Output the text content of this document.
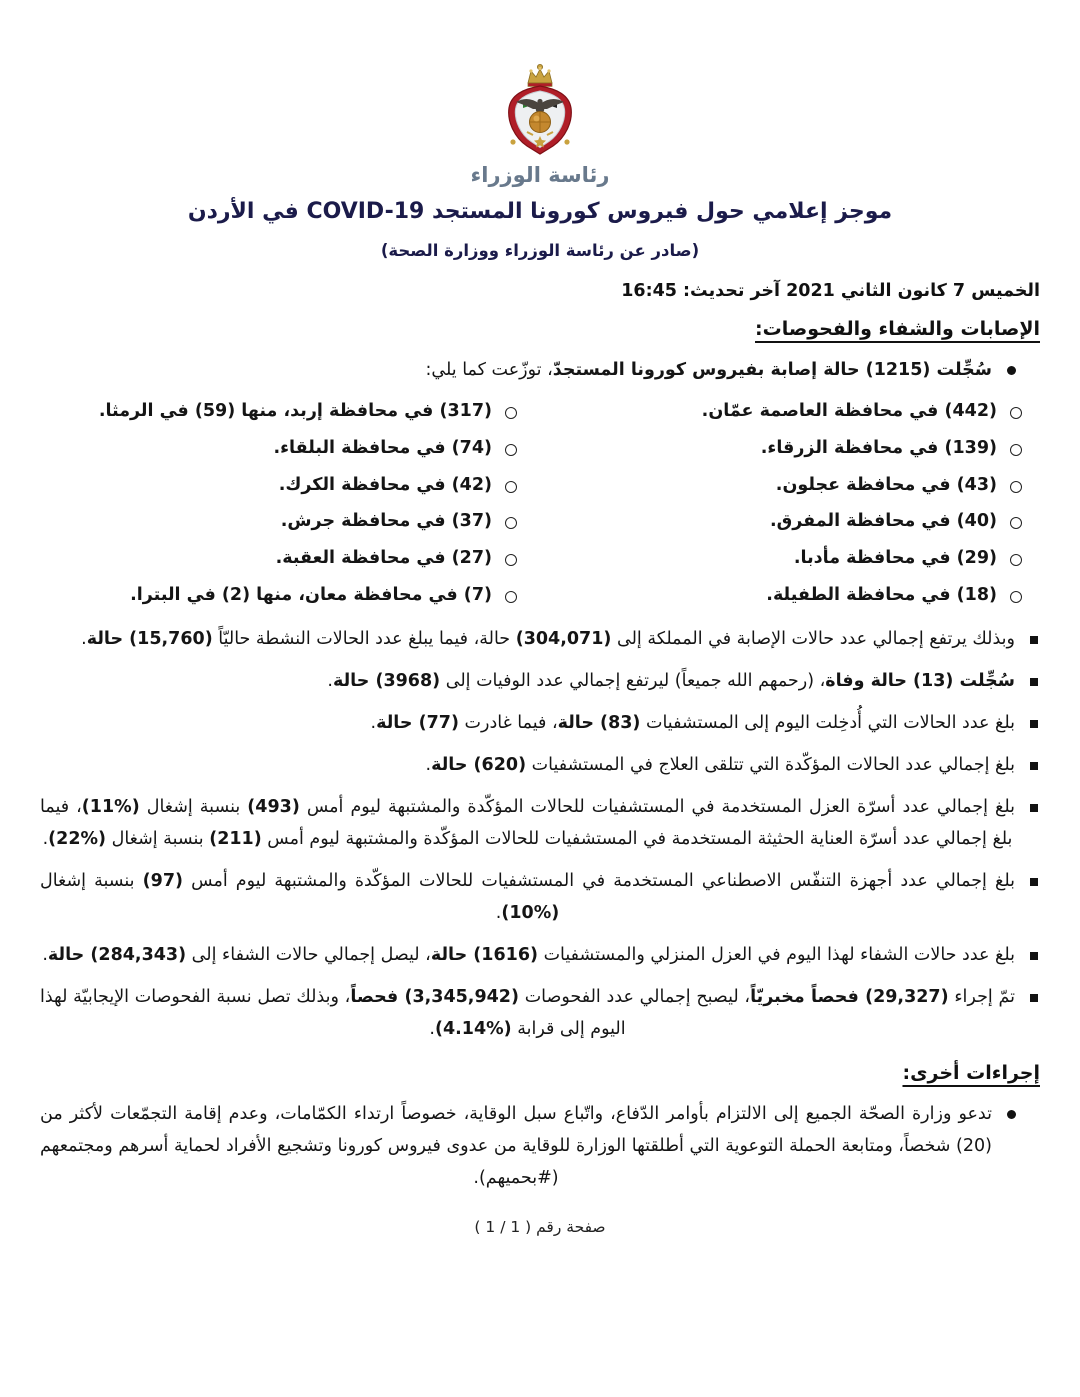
رئاسة الوزراء
موجز إعلامي حول فيروس كورونا المستجد COVID-19 في الأردن
(صادر عن رئاسة الوزراء ووزارة الصحة)
الخميس 7 كانون الثاني 2021 آخر تحديث: 16:45
الإصابات والشفاء والفحوصات:

سُجِّلت (1215) حالة إصابة بفيروس كورونا المستجدّ، توزّعت كما يلي:

(442) في محافظة العاصمة عمّان.

(317) في محافظة إربد، منها (59) في الرمثا.

(139) في محافظة الزرقاء.

(74) في محافظة البلقاء.

(43) في محافظة عجلون.

(42) في محافظة الكرك.

(40) في محافظة المفرق.

(37) في محافظة جرش.

(29) في محافظة مأدبا.

(27) في محافظة العقبة.

(18) في محافظة الطفيلة.

(7) في محافظة معان، منها (2) في البترا.

وبذلك يرتفع إجمالي عدد حالات الإصابة في المملكة إلى (304,071) حالة، فيما يبلغ عدد الحالات النشطة حاليّاً (15,760) حالة.

سُجِّلت (13) حالة وفاة، (رحمهم الله جميعاً) ليرتفع إجمالي عدد الوفيات إلى (3968) حالة.

بلغ عدد الحالات التي أُدخِلت اليوم إلى المستشفيات (83) حالة، فيما غادرت (77) حالة.

بلغ إجمالي عدد الحالات المؤكّدة التي تتلقى العلاج في المستشفيات (620) حالة.

بلغ إجمالي عدد أسرّة العزل المستخدمة في المستشفيات للحالات المؤكّدة والمشتبهة ليوم أمس (493) بنسبة إشغال (%11)، فيما بلغ إجمالي عدد أسرّة العناية الحثيثة المستخدمة في المستشفيات للحالات المؤكّدة والمشتبهة ليوم أمس (211) بنسبة إشغال (%22).

بلغ إجمالي عدد أجهزة التنفّس الاصطناعي المستخدمة في المستشفيات للحالات المؤكّدة والمشتبهة ليوم أمس (97) بنسبة إشغال (%10).

بلغ عدد حالات الشفاء لهذا اليوم في العزل المنزلي والمستشفيات (1616) حالة، ليصل إجمالي حالات الشفاء إلى (284,343) حالة.

تمّ إجراء (29,327) فحصاً مخبريّاً، ليصبح إجمالي عدد الفحوصات (3,345,942) فحصاً، وبذلك تصل نسبة الفحوصات الإيجابيّة لهذا اليوم إلى قرابة (%4.14).

إجراءات أخرى:

تدعو وزارة الصحّة الجميع إلى الالتزام بأوامر الدّفاع، واتّباع سبل الوقاية، خصوصاً ارتداء الكمّامات، وعدم إقامة التجمّعات لأكثر من (20) شخصاً، ومتابعة الحملة التوعوية التي أطلقتها الوزارة للوقاية من عدوى فيروس كورونا وتشجيع الأفراد لحماية أسرهم ومجتمعهم (#بحميهم).

صفحة رقم ( 1 / 1 )
